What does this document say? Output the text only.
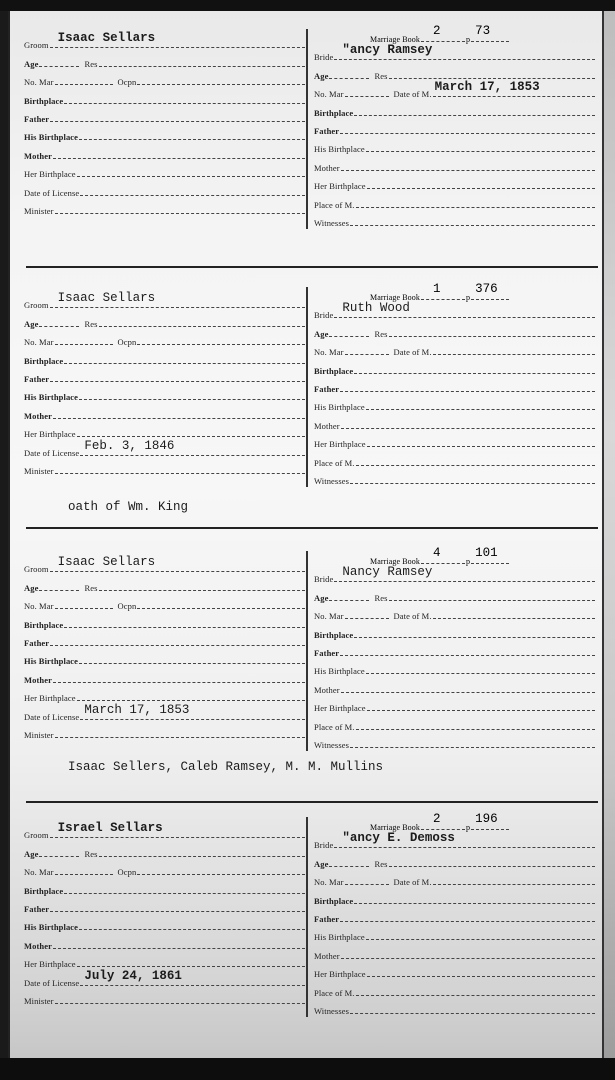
Groom Isaac Sellars
Age	Res
No. Mar	Ocpn
Birthplace
Father
His Birthplace
Mother
Her Birthplace
Date of License
Minister
Marriage Book
2
p
73
Bride "ancy Ramsey
Age	Res
No. Mar	Date of M. March 17, 1853
Birthplace
Father
His Birthplace
Mother
Her Birthplace
Place of M.
Witnesses
Groom Isaac Sellars
Age	Res
No. Mar	Ocpn
Birthplace
Father
His Birthplace
Mother
Her Birthplace
Date of License Feb. 3, 1846
Minister
Marriage Book
1
p
376
Bride Ruth Wood
Age	Res
No. Mar	Date of M.
Birthplace
Father
His Birthplace
Mother
Her Birthplace
Place of M.
Witnesses
oath of Wm. King
Groom Isaac Sellars
Age	Res
No. Mar	Ocpn
Birthplace
Father
His Birthplace
Mother
Her Birthplace
Date of License March 17, 1853
Minister
Marriage Book
4
p
101
Bride Nancy Ramsey
Age	Res
No. Mar	Date of M.
Birthplace
Father
His Birthplace
Mother
Her Birthplace
Place of M.
Witnesses
Isaac Sellers, Caleb Ramsey, M. M. Mullins
Groom Israel Sellars
Age	Res
No. Mar	Ocpn
Birthplace
Father
His Birthplace
Mother
Her Birthplace
Date of License July 24, 1861
Minister
Marriage Book
2
p
196
Bride "ancy E. Demoss
Age	Res
No. Mar	Date of M.
Birthplace
Father
His Birthplace
Mother
Her Birthplace
Place of M.
Witnesses
